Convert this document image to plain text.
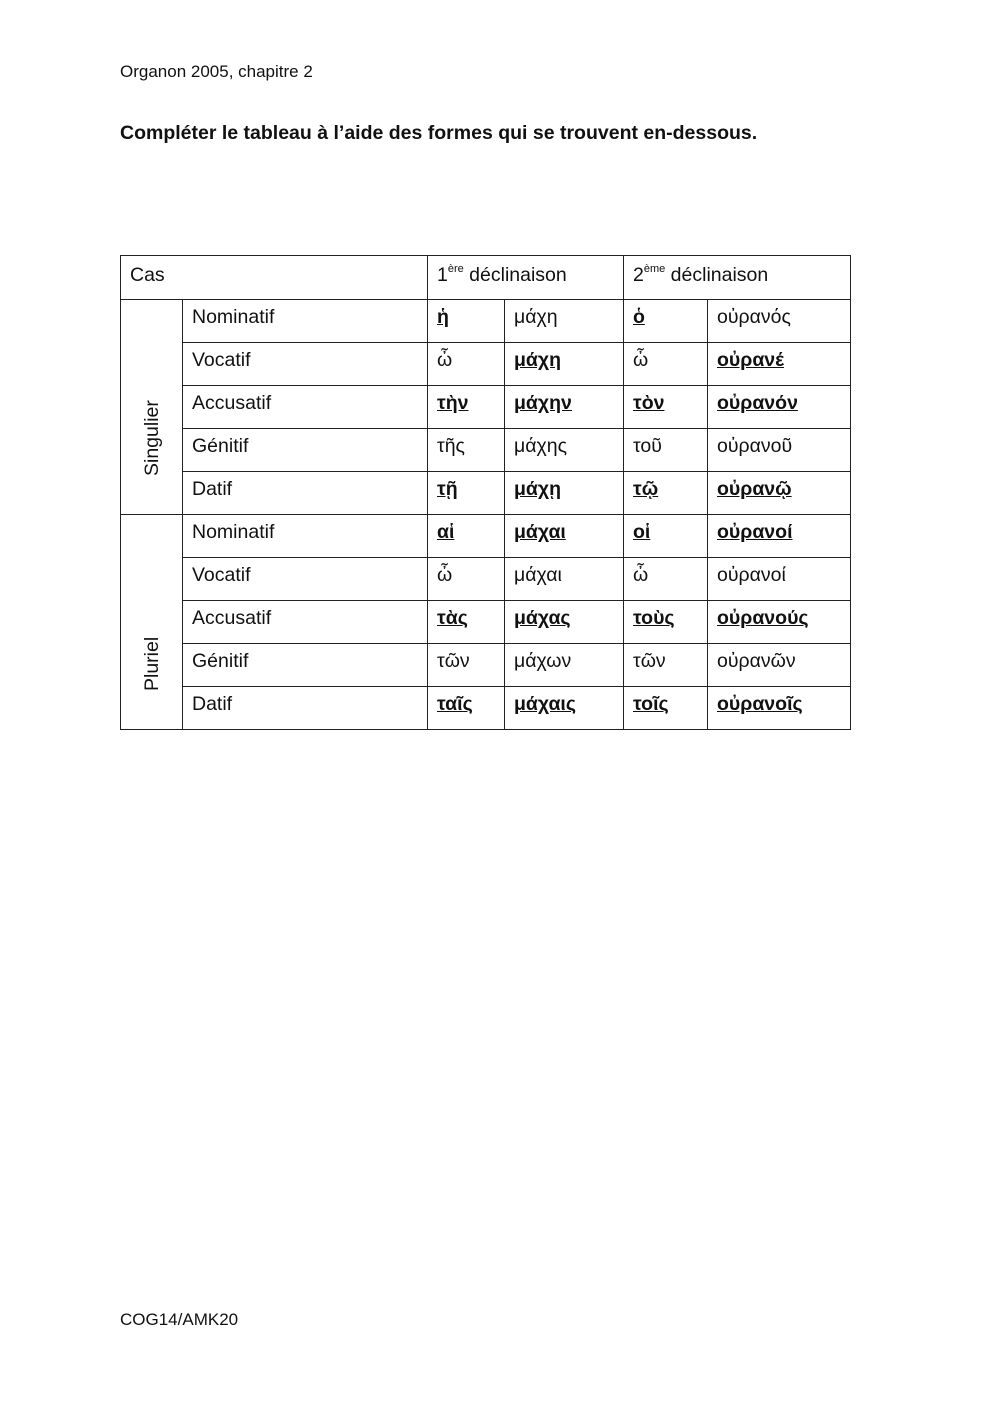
Organon 2005, chapitre 2
Compléter le tableau à l’aide des formes qui se trouvent en-dessous.
Cas		1ère déclinaison		2ème déclinaison	

Singulier	Nominatif	ἡ	μάχη	ὁ	οὐρανός
	Vocatif	ὦ	μάχη	ὦ	οὐρανέ
	Accusatif	τὴν	μάχην	τὸν	οὐρανόν
	Génitif	τῆς	μάχης	τοῦ	οὐρανοῦ
	Datif	τῇ	μάχῃ	τῷ	οὐρανῷ

Pluriel	Nominatif	αἱ	μάχαι	οἱ	οὐρανοί
	Vocatif	ὦ	μάχαι	ὦ	οὐρανοί
	Accusatif	τὰς	μάχας	τοὺς	οὐρανούς
	Génitif	τῶν	μάχων	τῶν	οὐρανῶν
	Datif	ταῖς	μάχαις	τοῖς	οὐρανοῖς
COG14/AMK20
